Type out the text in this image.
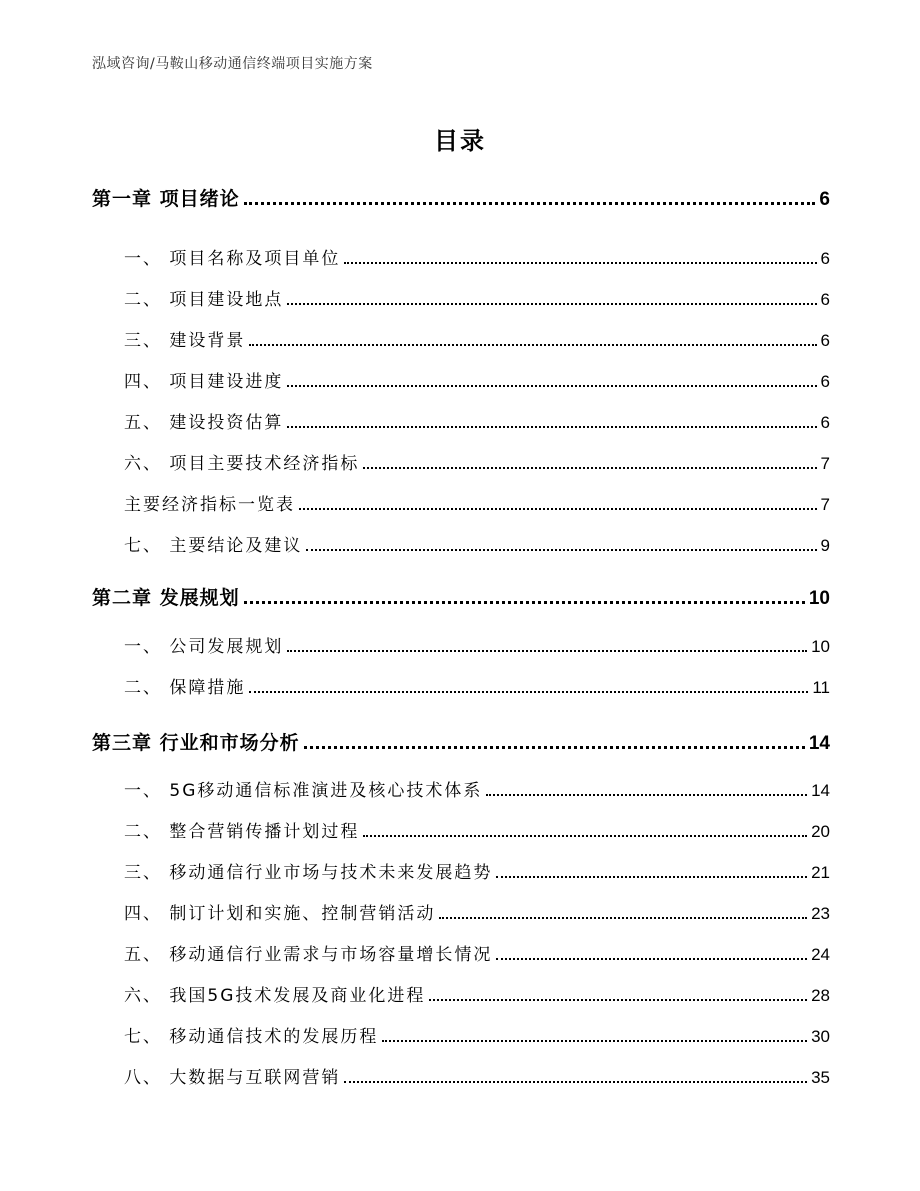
泓域咨询/马鞍山移动通信终端项目实施方案
目录
第一章 项目绪论	6
一、 项目名称及项目单位	6
二、 项目建设地点	6
三、 建设背景	6
四、 项目建设进度	6
五、 建设投资估算	6
六、 项目主要技术经济指标	7
主要经济指标一览表	7
七、 主要结论及建议	9
第二章 发展规划	10
一、 公司发展规划	10
二、 保障措施	11
第三章 行业和市场分析	14
一、 5G移动通信标准演进及核心技术体系	14
二、 整合营销传播计划过程	20
三、 移动通信行业市场与技术未来发展趋势	21
四、 制订计划和实施、控制营销活动	23
五、 移动通信行业需求与市场容量增长情况	24
六、 我国5G技术发展及商业化进程	28
七、 移动通信技术的发展历程	30
八、 大数据与互联网营销	35
